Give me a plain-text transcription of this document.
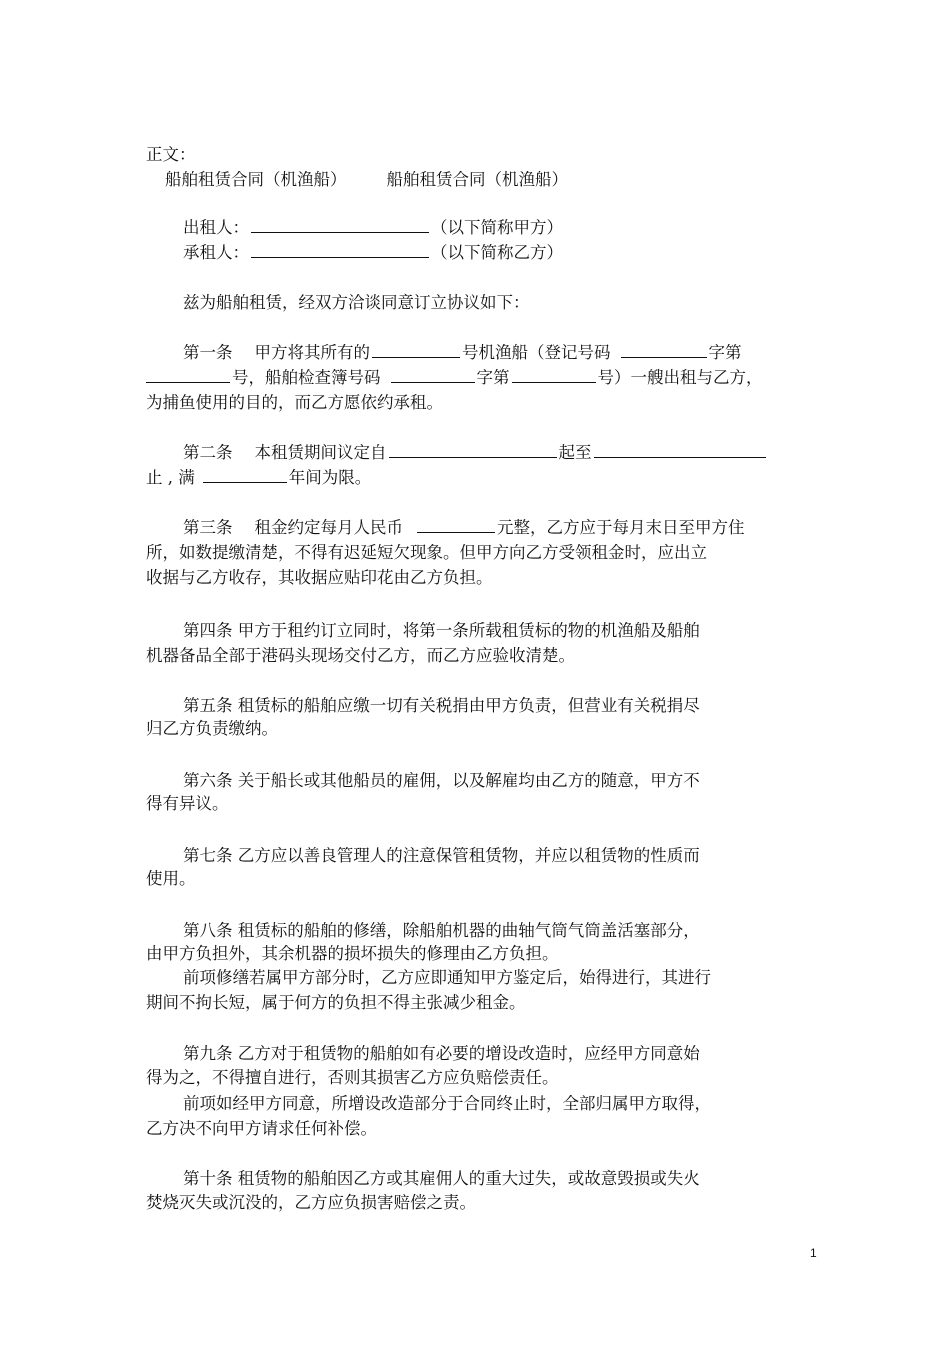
正文：
船舶租赁合同（机渔船） 船舶租赁合同（机渔船）
出租人：	（以下简称甲方）
承租人：	（以下简称乙方）
兹为船舶租赁，经双方洽谈同意订立协议如下：
第一条 甲方将其所有的	号机渔船（登记号码	字第
号，船舶检查簿号码	字第	号）一艘出租与乙方，
为捕鱼使用的目的，而乙方愿依约承租。
第二条 本租赁期间议定自	起至
止 , 满	年间为限。
第三条 租金约定每月人民币	元整，乙方应于每月末日至甲方住
所，如数提缴清楚，不得有迟延短欠现象。但甲方向乙方受领租金时，应出立
收据与乙方收存，其收据应贴印花由乙方负担。
第四条 甲方于租约订立同时，将第一条所载租赁标的物的机渔船及船舶
机器备品全部于港码头现场交付乙方，而乙方应验收清楚。
第五条 租赁标的船舶应缴一切有关税捐由甲方负责，但营业有关税捐尽
归乙方负责缴纳。
第六条 关于船长或其他船员的雇佣，以及解雇均由乙方的随意，甲方不
得有异议。
第七条 乙方应以善良管理人的注意保管租赁物，并应以租赁物的性质而
使用。
第八条 租赁标的船舶的修缮，除船舶机器的曲轴气筒气筒盖活塞部分，
由甲方负担外，其余机器的损坏损失的修理由乙方负担。
前项修缮若属甲方部分时，乙方应即通知甲方鉴定后，始得进行，其进行
期间不拘长短，属于何方的负担不得主张减少租金。
第九条 乙方对于租赁物的船舶如有必要的增设改造时，应经甲方同意始
得为之，不得擅自进行，否则其损害乙方应负赔偿责任。
前项如经甲方同意，所增设改造部分于合同终止时，全部归属甲方取得，
乙方决不向甲方请求任何补偿。
第十条 租赁物的船舶因乙方或其雇佣人的重大过失，或故意毁损或失火
焚烧灭失或沉没的，乙方应负损害赔偿之责。
1
